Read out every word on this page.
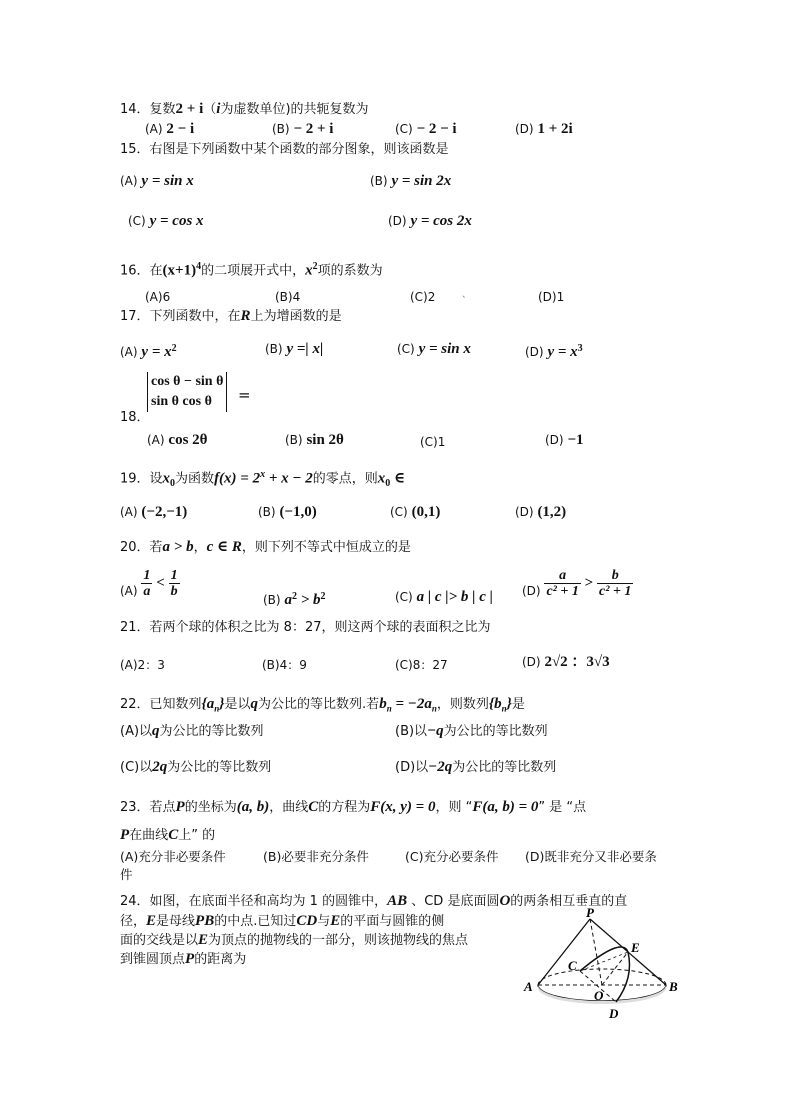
14．复数2 + i（i为虚数单位)的共轭复数为
(A) 2 − i	(B) − 2 + i	(C) − 2 − i	(D) 1 + 2i
15．右图是下列函数中某个函数的部分图象，则该函数是
(A) y = sin x	(B) y = sin 2x
(C) y = cos x	(D) y = cos 2x
16．在$(x+1)^4$的二项展开式中，$x^2$项的系数为
(A)6	(B)4	(C)2	、	(D)1
17．下列函数中，在R上为增函数的是
(A) $y = x^2$	(B) y =| x|	(C) y = sin x	(D) $y = x^3$
cos θ − sin θ
sin θ cos θ	=
18．
(A) cos 2θ	(B) sin 2θ	(C)1	(D) −1
19．设$x_0$为函数$f(x) = 2^x + x - 2$的零点，则$x_0$ ∈
(A) (−2,−1)	(B) (−1,0)	(C) (0,1)	(D) (1,2)
20．若a > b，c ∈ R，则下列不等式中恒成立的是
$(A) \frac{1}{a} < \frac{1}{b}$
(B) $a^2 > b^2$	(C) a | c |> b | c | $(D) \frac{a}{\text{c² + 1}} > \frac{b}{\text{c² + 1}}$
21．若两个球的体积之比为 8：27，则这两个球的表面积之比为
(A)2：3	(B)4：9	(C)8：27	(D) 2√2 ：3√3
22．已知数列$\{a_n\}$是以q为公比的等比数列.若$b_n = -2a_n$，则数列$\{b_n\}$是
(A)以q为公比的等比数列	(B)以−q为公比的等比数列
(C)以2q为公比的等比数列	(D)以−2q为公比的等比数列
23．若点P的坐标为(a, b)，曲线C的方程为F(x, y) = 0，则 “F(a, b) = 0” 是 “点
P在曲线C上” 的
(A)充分非必要条件	(B)必要非充分条件	(C)充分必要条件 (D)既非充分又非必要条
件
24．如图，在底面半径和高均为 1 的圆锥中，AB 、CD 是底面圆O的两条相互垂直的直
径，E是母线PB的中点.已知过CD与E的平面与圆锥的侧
面的交线是以E为顶点的抛物线的一部分，则该抛物线的焦点
到锥圆顶点P的距离为
P
E
C
A
O
B
D
